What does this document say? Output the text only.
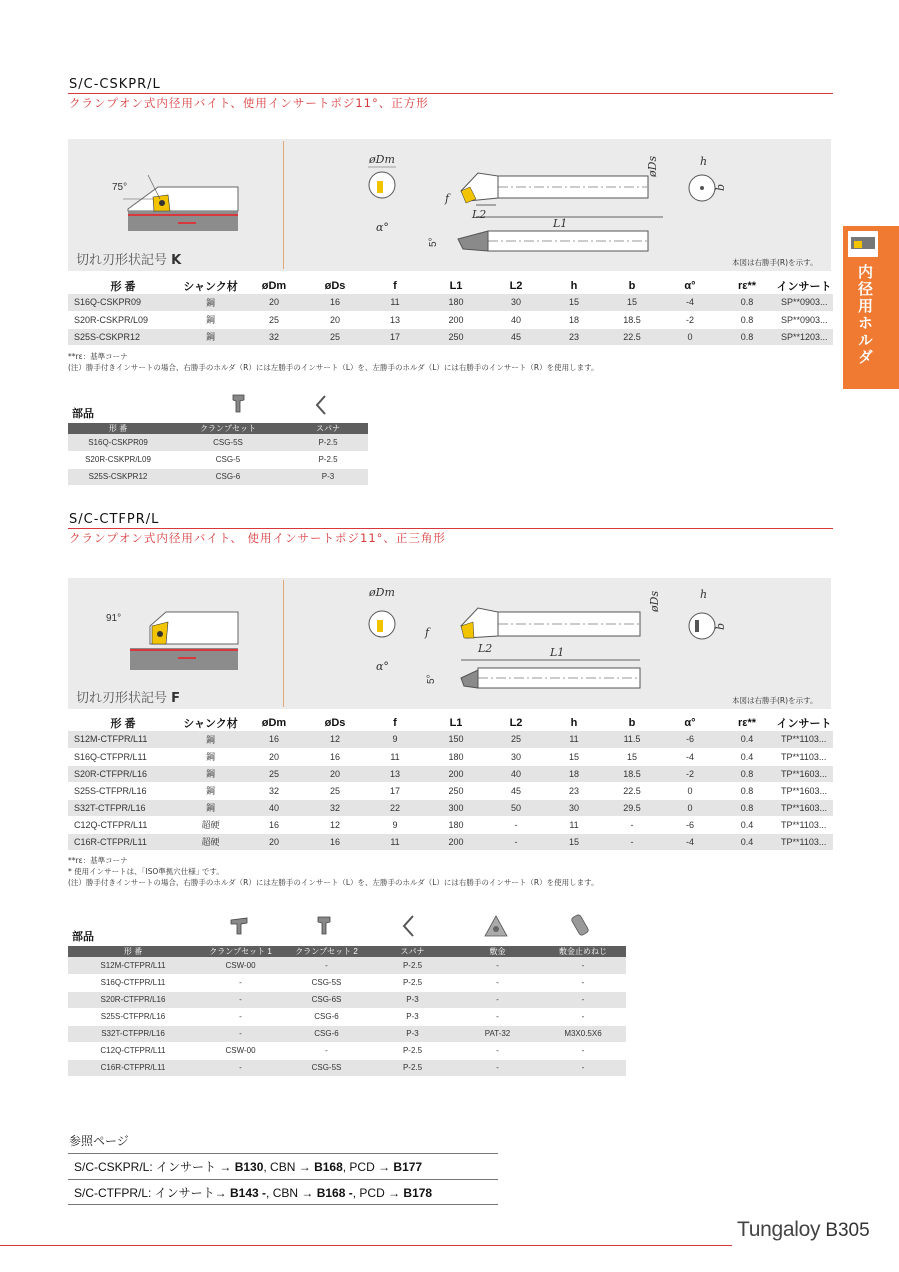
S/C-CSKPR/L
クランプオン式内径用バイト、使用インサートポジ11°、正方形
75°
øDm
α°
L2
L1
f
øDs
5°
h
b
切れ刃形状記号 K	本図は右勝手(R)を示す。
形 番	シャンク材	øDm	øDs	f	L1	L2	h	b	α°	rε**	インサート
S16Q-CSKPR09	鋼	20	16	11	180	30	15	15	-4	0.8	SP**0903...
S20R-CSKPR/L09	鋼	25	20	13	200	40	18	18.5	-2	0.8	SP**0903...
S25S-CSKPR12	鋼	32	25	17	250	45	23	22.5	0	0.8	SP**1203...
**rε：基準コーナ
(注）勝手付きインサートの場合、右勝手のホルダ（R）には左勝手のインサート（L）を、左勝手のホルダ（L）には右勝手のインサート（R）を使用します。
部品
形 番	クランプセット	スパナ
S16Q-CSKPR09	CSG-5S	P-2.5
S20R-CSKPR/L09	CSG-5	P-2.5
S25S-CSKPR12	CSG-6	P-3
S/C-CTFPR/L
クランプオン式内径用バイト、 使用インサートポジ11°、正三角形
91°
øDm
α°
L2	L1
f
øDs
5°
h
b
切れ刃形状記号 F	本図は右勝手(R)を示す。
形 番	シャンク材	øDm	øDs	f	L1	L2	h	b	α°	rε**	インサート
S12M-CTFPR/L11	鋼	16	12	9	150	25	11	11.5	-6	0.4	TP**1103...
S16Q-CTFPR/L11	鋼	20	16	11	180	30	15	15	-4	0.4	TP**1103...
S20R-CTFPR/L16	鋼	25	20	13	200	40	18	18.5	-2	0.8	TP**1603...
S25S-CTFPR/L16	鋼	32	25	17	250	45	23	22.5	0	0.8	TP**1603...
S32T-CTFPR/L16	鋼	40	32	22	300	50	30	29.5	0	0.8	TP**1603...
C12Q-CTFPR/L11	超硬	16	12	9	180	-	11	-	-6	0.4	TP**1103...
C16R-CTFPR/L11	超硬	20	16	11	200	-	15	-	-4	0.4	TP**1103...
**rε：基準コーナ
* 使用インサートは、｢ISO準拠穴仕様｣ です。
(注）勝手付きインサートの場合、右勝手のホルダ（R）には左勝手のインサート（L）を、左勝手のホルダ（L）には右勝手のインサート（R）を使用します。
部品
形 番	クランプセット 1	クランプセット 2	スパナ	敷金	敷金止めねじ
S12M-CTFPR/L11	CSW-00	-	P-2.5	-	-
S16Q-CTFPR/L11	-	CSG-5S	P-2.5	-	-
S20R-CTFPR/L16	-	CSG-6S	P-3	-	-
S25S-CTFPR/L16	-	CSG-6	P-3	-	-
S32T-CTFPR/L16	-	CSG-6	P-3	PAT-32	M3X0.5X6
C12Q-CTFPR/L11	CSW-00	-	P-2.5	-	-
C16R-CTFPR/L11	-	CSG-5S	P-2.5	-	-
内径用ホルダ
参照ページ
S/C-CSKPR/L: インサート → B130, CBN → B168, PCD → B177
S/C-CTFPR/L: インサート→ B143 -, CBN → B168 -, PCD → B178
Tungaloy B305
